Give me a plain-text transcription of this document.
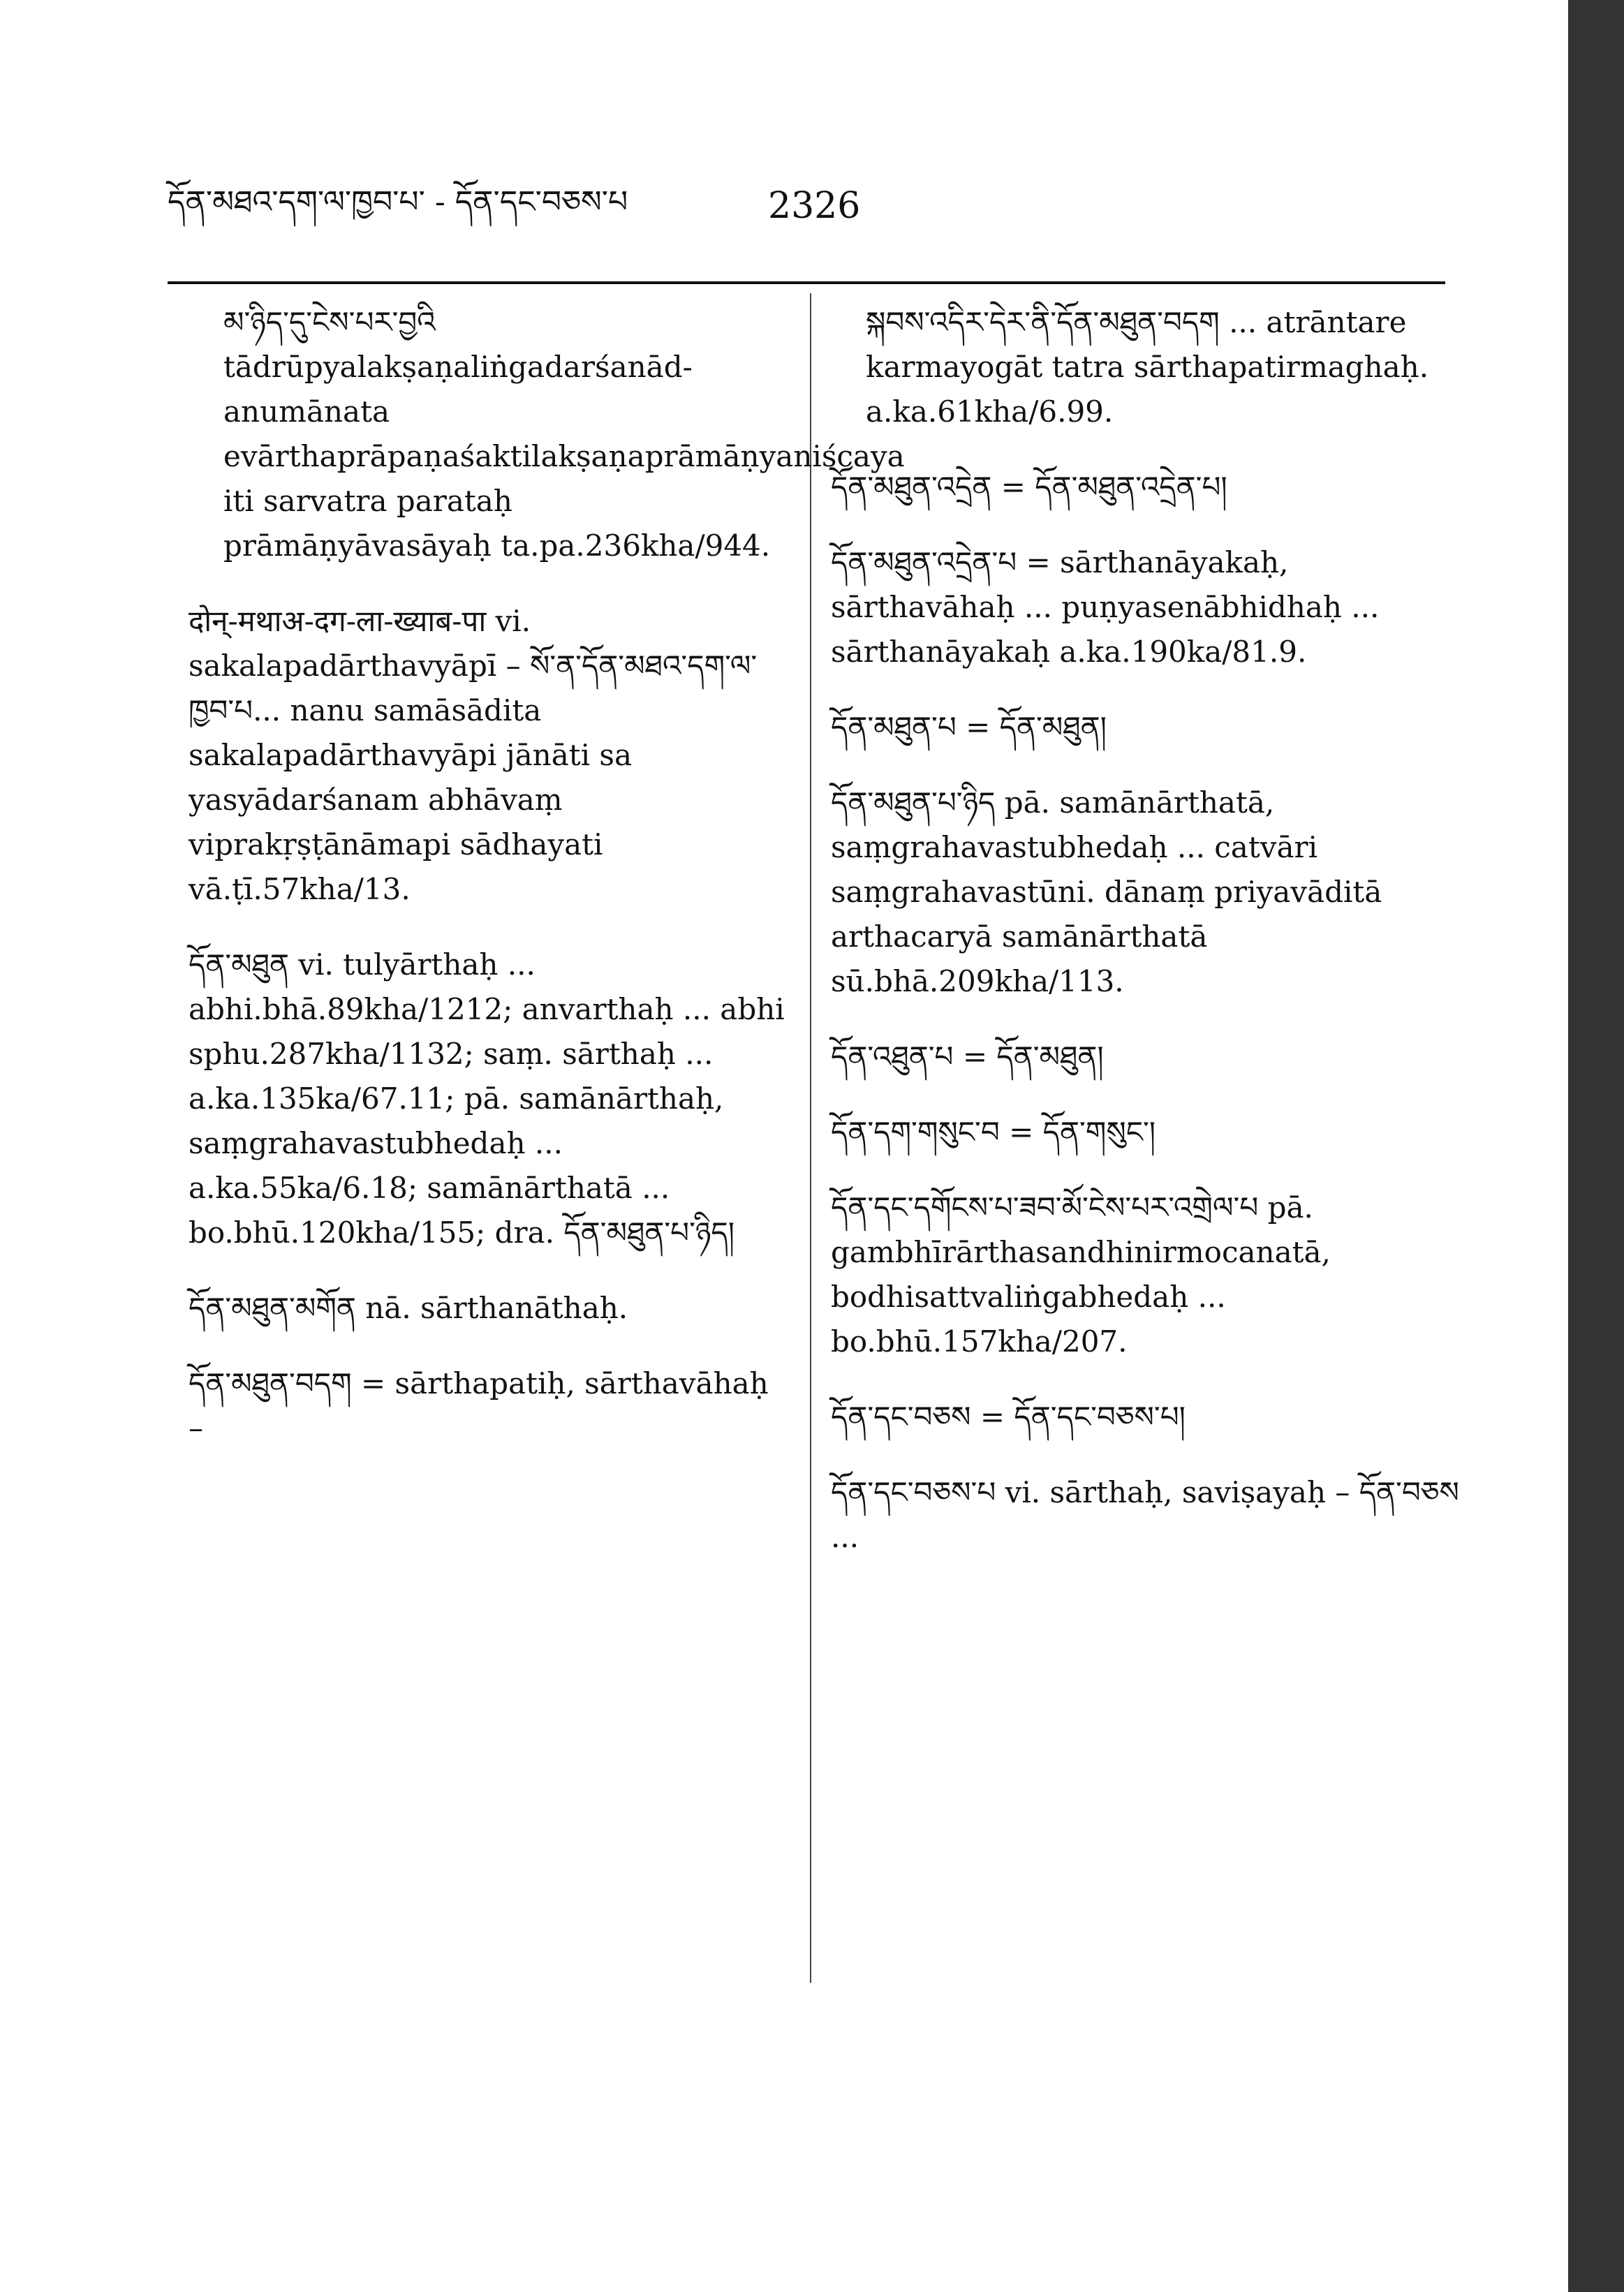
དོན་མཐའ་དག་ལ་ཁྱབ་པ་ - དོན་དང་བཅས་པ	2326

མ་ཉིད་དུ་ངེས་པར་བྱའི tādrūpyalakṣaṇaliṅgadarśanād-anumānata evārthaprāpaṇaśaktilakṣaṇaprāmāṇyaniścaya iti sarvatra parataḥ prāmāṇyāvasāyaḥ ta.pa.236kha/944.

दोन्-मथाअ-दग-ला-ख्याब-पा vi. sakalapadārthavyāpī – སོ་ན་དོན་མཐའ་དག་ལ་ཁྱབ་པ... nanu samāsādita sakalapadārthavyāpi jānāti sa yasyādarśanam abhāvaṃ viprakṛṣṭānāmapi sādhayati vā.ṭī.57kha/13.

དོན་མཐུན vi. tulyārthaḥ ... abhi.bhā.89kha/1212; anvarthaḥ ... abhi sphu.287kha/1132; saṃ. sārthaḥ ... a.ka.135ka/67.11; pā. samānārthaḥ, saṃgrahavastubhedaḥ ... a.ka.55ka/6.18; samānārthatā ... bo.bhū.120kha/155; dra. དོན་མཐུན་པ་ཉིད།

དོན་མཐུན་མགོན nā. sārthanāthaḥ.

དོན་མཐུན་བདག = sārthapatiḥ, sārthavāhaḥ –

སྐབས་འདིར་དེར་ནི་དོན་མཐུན་བདག ... atrāntare karmayogāt tatra sārthapatirmaghaḥ. a.ka.61kha/6.99.

དོན་མཐུན་འདྲེན = དོན་མཐུན་འདྲེན་པ།

དོན་མཐུན་འདྲེན་པ = sārthanāyakaḥ, sārthavāhaḥ ... puṇyasenābhidhaḥ ... sārthanāyakaḥ a.ka.190ka/81.9.

དོན་མཐུན་པ = དོན་མཐུན།

དོན་མཐུན་པ་ཉིད pā. samānārthatā, saṃgrahavastubhedaḥ ... catvāri saṃgrahavastūni. dānaṃ priyavāditā arthacaryā samānārthatā sū.bhā.209kha/113.

དོན་འཐུན་པ = དོན་མཐུན།

དོན་དག་གསུང་བ = དོན་གསུང་།

དོན་དང་དགོངས་པ་ཟབ་མོ་ངེས་པར་འགྲེལ་པ pā. gambhīrārthasandhinirmocanatā, bodhisattvaliṅgabhedaḥ ... bo.bhū.157kha/207.

དོན་དང་བཅས = དོན་དང་བཅས་པ།

དོན་དང་བཅས་པ vi. sārthaḥ, saviṣayaḥ – དོན་བཅས ...
